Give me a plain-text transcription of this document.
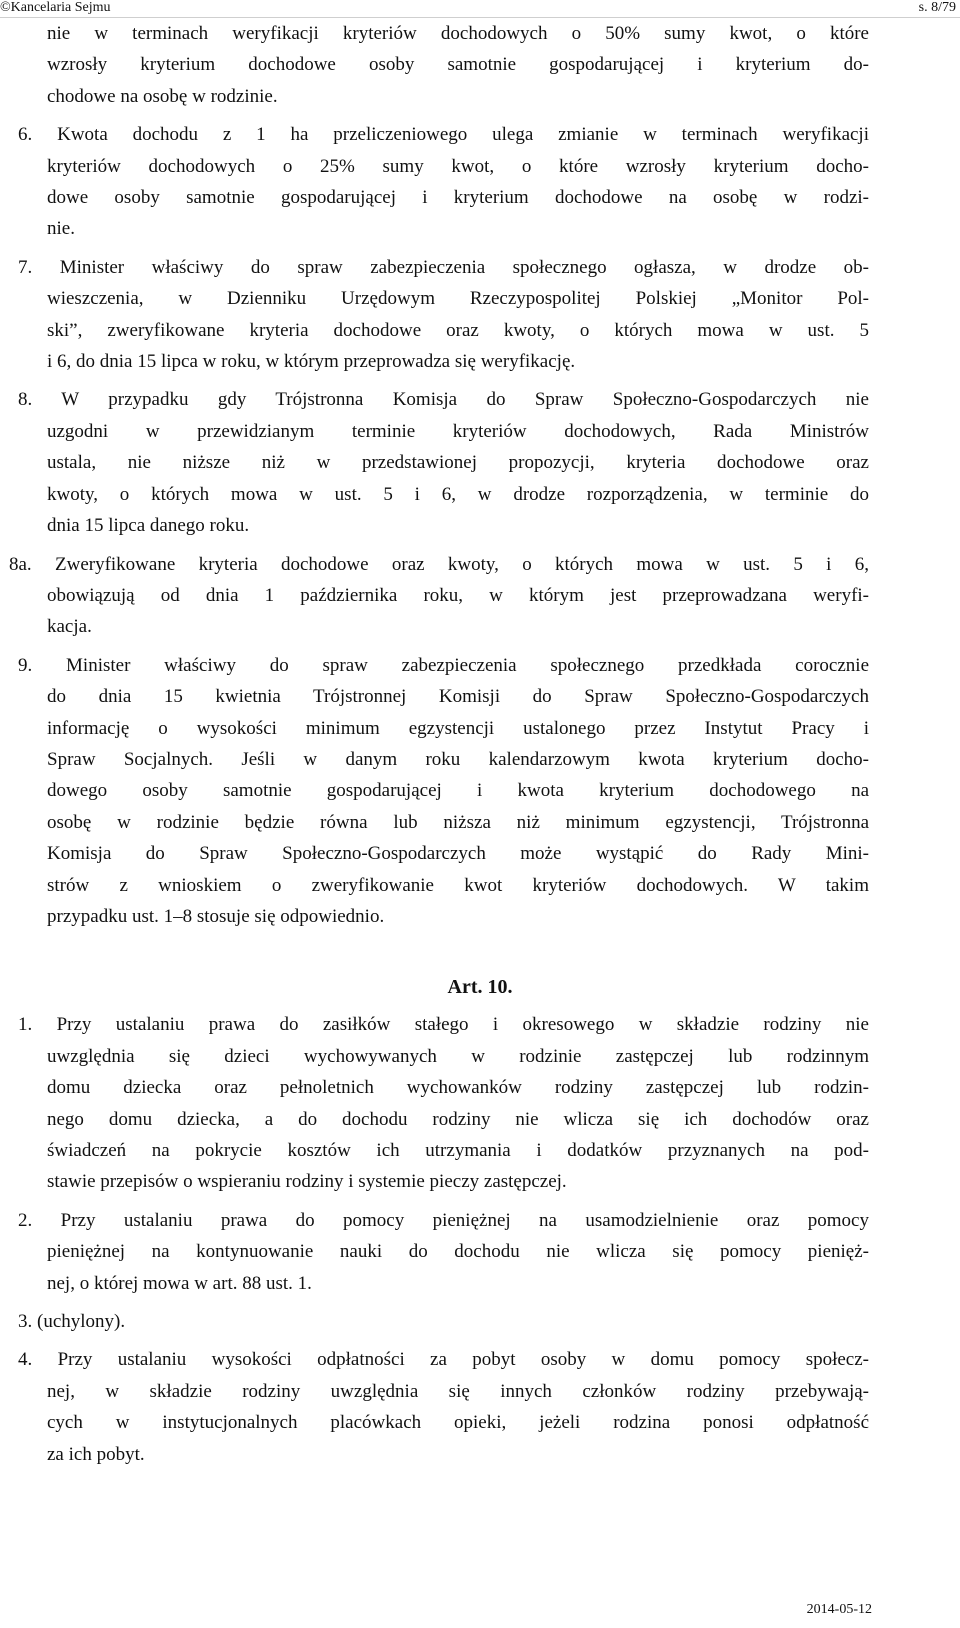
©Kancelaria Sejmu	s. 8/79
nie w terminach weryfikacji kryteriów dochodowych o 50% sumy kwot, o które
wzrosły kryterium dochodowe osoby samotnie gospodarującej i kryterium do-
chodowe na osobę w rodzinie.
6. Kwota dochodu z 1 ha przeliczeniowego ulega zmianie w terminach weryfikacji
kryteriów dochodowych o 25% sumy kwot, o które wzrosły kryterium docho-
dowe osoby samotnie gospodarującej i kryterium dochodowe na osobę w rodzi-
nie.
7. Minister właściwy do spraw zabezpieczenia społecznego ogłasza, w drodze ob-
wieszczenia, w Dzienniku Urzędowym Rzeczypospolitej Polskiej „Monitor Pol-
ski”, zweryfikowane kryteria dochodowe oraz kwoty, o których mowa w ust. 5
i 6, do dnia 15 lipca w roku, w którym przeprowadza się weryfikację.
8. W przypadku gdy Trójstronna Komisja do Spraw Społeczno-Gospodarczych nie
uzgodni w przewidzianym terminie kryteriów dochodowych, Rada Ministrów
ustala, nie niższe niż w przedstawionej propozycji, kryteria dochodowe oraz
kwoty, o których mowa w ust. 5 i 6, w drodze rozporządzenia, w terminie do
dnia 15 lipca danego roku.
8a. Zweryfikowane kryteria dochodowe oraz kwoty, o których mowa w ust. 5 i 6,
obowiązują od dnia 1 października roku, w którym jest przeprowadzana weryfi-
kacja.
9. Minister właściwy do spraw zabezpieczenia społecznego przedkłada corocznie
do dnia 15 kwietnia Trójstronnej Komisji do Spraw Społeczno-Gospodarczych
informację o wysokości minimum egzystencji ustalonego przez Instytut Pracy i
Spraw Socjalnych. Jeśli w danym roku kalendarzowym kwota kryterium docho-
dowego osoby samotnie gospodarującej i kwota kryterium dochodowego na
osobę w rodzinie będzie równa lub niższa niż minimum egzystencji, Trójstronna
Komisja do Spraw Społeczno-Gospodarczych może wystąpić do Rady Mini-
strów z wnioskiem o zweryfikowanie kwot kryteriów dochodowych. W takim
przypadku ust. 1–8 stosuje się odpowiednio.
Art. 10.
1. Przy ustalaniu prawa do zasiłków stałego i okresowego w składzie rodziny nie
uwzględnia się dzieci wychowywanych w rodzinie zastępczej lub rodzinnym
domu dziecka oraz pełnoletnich wychowanków rodziny zastępczej lub rodzin-
nego domu dziecka, a do dochodu rodziny nie wlicza się ich dochodów oraz
świadczeń na pokrycie kosztów ich utrzymania i dodatków przyznanych na pod-
stawie przepisów o wspieraniu rodziny i systemie pieczy zastępczej.
2. Przy ustalaniu prawa do pomocy pieniężnej na usamodzielnienie oraz pomocy
pieniężnej na kontynuowanie nauki do dochodu nie wlicza się pomocy pienięż-
nej, o której mowa w art. 88 ust. 1.
3. (uchylony).
4. Przy ustalaniu wysokości odpłatności za pobyt osoby w domu pomocy społecz-
nej, w składzie rodziny uwzględnia się innych członków rodziny przebywają-
cych w instytucjonalnych placówkach opieki, jeżeli rodzina ponosi odpłatność
za ich pobyt.
2014-05-12
